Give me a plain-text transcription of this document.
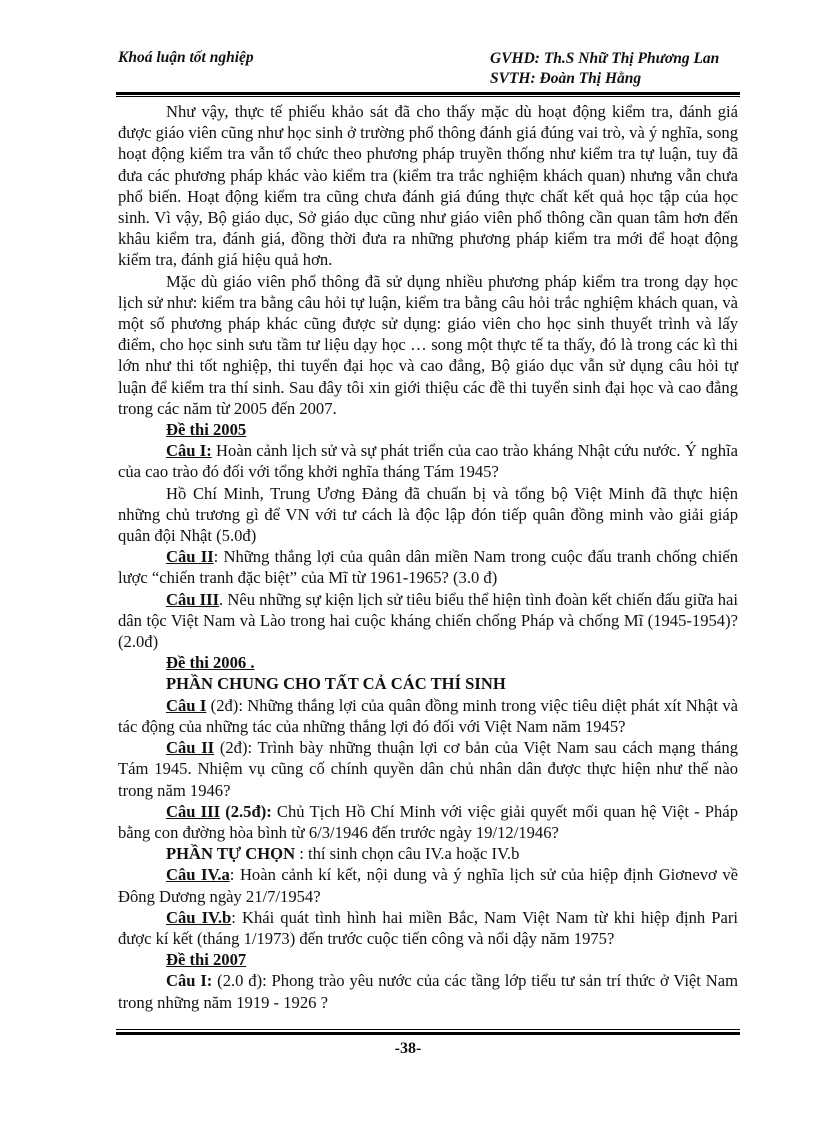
Khoá luận tốt nghiệp	GVHD: Th.S Nhữ Thị Phương Lan
SVTH: Đoàn Thị Hằng

Như vậy, thực tế phiếu khảo sát đã cho thấy mặc dù hoạt động kiểm tra, đánh giá được giáo viên cũng như học sinh ở trường phổ thông đánh giá đúng vai trò, và ý nghĩa, song hoạt động kiểm tra vẫn tổ chức theo phương pháp truyền thống như kiểm tra tự luận, tuy đã đưa các phương pháp khác vào kiểm tra (kiểm tra trắc nghiệm khách quan) nhưng vẫn chưa phổ biến. Hoạt động kiểm tra cũng chưa đánh giá đúng thực chất kết quả học tập của học sinh. Vì vậy, Bộ giáo dục, Sở giáo dục cũng như giáo viên phổ thông cần quan tâm hơn đến khâu kiểm tra, đánh giá, đồng thời đưa ra những phương pháp kiểm tra mới để hoạt động kiểm tra, đánh giá hiệu quả hơn.

Mặc dù giáo viên phổ thông đã sử dụng nhiều phương pháp kiểm tra trong dạy học lịch sử như: kiểm tra bằng câu hỏi tự luận, kiểm tra bằng câu hỏi trắc nghiệm khách quan, và một số phương pháp khác cũng được sử dụng: giáo viên cho học sinh thuyết trình và lấy điểm, cho học sinh sưu tầm tư liệu dạy học … song một thực tế ta thấy, đó là trong các kì thi lớn như thi tốt nghiệp, thi tuyển đại học và cao đẳng, Bộ giáo dục vẫn sử dụng câu hỏi tự luận để kiểm tra thí sinh. Sau đây tôi xin giới thiệu các đề thi tuyển sinh đại học và cao đẳng trong các năm từ 2005 đến 2007.

Đề thi 2005

Câu I: Hoàn cảnh lịch sử và sự phát triển của cao trào kháng Nhật cứu nước. Ý nghĩa của cao trào đó đối với tổng khởi nghĩa tháng Tám 1945?

Hồ Chí Minh, Trung Ương Đảng đã chuẩn bị và tổng bộ Việt Minh đã thực hiện những chủ trương gì để VN với tư cách là độc lập đón tiếp quân đồng minh vào giải giáp quân đội Nhật (5.0đ)

Câu II: Những thắng lợi của quân dân miền Nam trong cuộc đấu tranh chống chiến lược “chiến tranh đặc biệt” của Mĩ từ 1961-1965? (3.0 đ)

Câu III. Nêu những sự kiện lịch sử tiêu biểu thể hiện tình đoàn kết chiến đấu giữa hai dân tộc Việt Nam và Lào trong hai cuộc kháng chiến chống Pháp và chống Mĩ (1945-1954)? (2.0đ)

Đề thi 2006 .

PHẦN CHUNG CHO TẤT CẢ CÁC THÍ SINH

Câu I (2đ): Những thắng lợi của quân đồng minh trong việc tiêu diệt phát xít Nhật và tác động của những tác của những thắng lợi đó đối với Việt Nam năm 1945?

Câu II (2đ): Trình bày những thuận lợi cơ bản của Việt Nam sau cách mạng tháng Tám 1945. Nhiệm vụ cũng cố chính quyền dân chủ nhân dân được thực hiện như thế nào trong năm 1946?

Câu III (2.5đ): Chủ Tịch Hồ Chí Minh với việc giải quyết mối quan hệ Việt - Pháp bằng con đường hòa bình từ 6/3/1946 đến trước ngày 19/12/1946?

PHẦN TỰ CHỌN : thí sinh chọn câu IV.a hoặc IV.b

Câu IV.a: Hoàn cảnh kí kết, nội dung và ý nghĩa lịch sử của hiệp định Giơnevơ về Đông Dương ngày 21/7/1954?

Câu IV.b: Khái quát tình hình hai miền Bắc, Nam Việt Nam từ khi hiệp định Pari được kí kết (tháng 1/1973) đến trước cuộc tiến công và nổi dậy năm 1975?

Đề thi 2007

Câu I: (2.0 đ): Phong trào yêu nước của các tầng lớp tiểu tư sản trí thức ở Việt Nam trong những năm 1919 - 1926 ?

-38-
